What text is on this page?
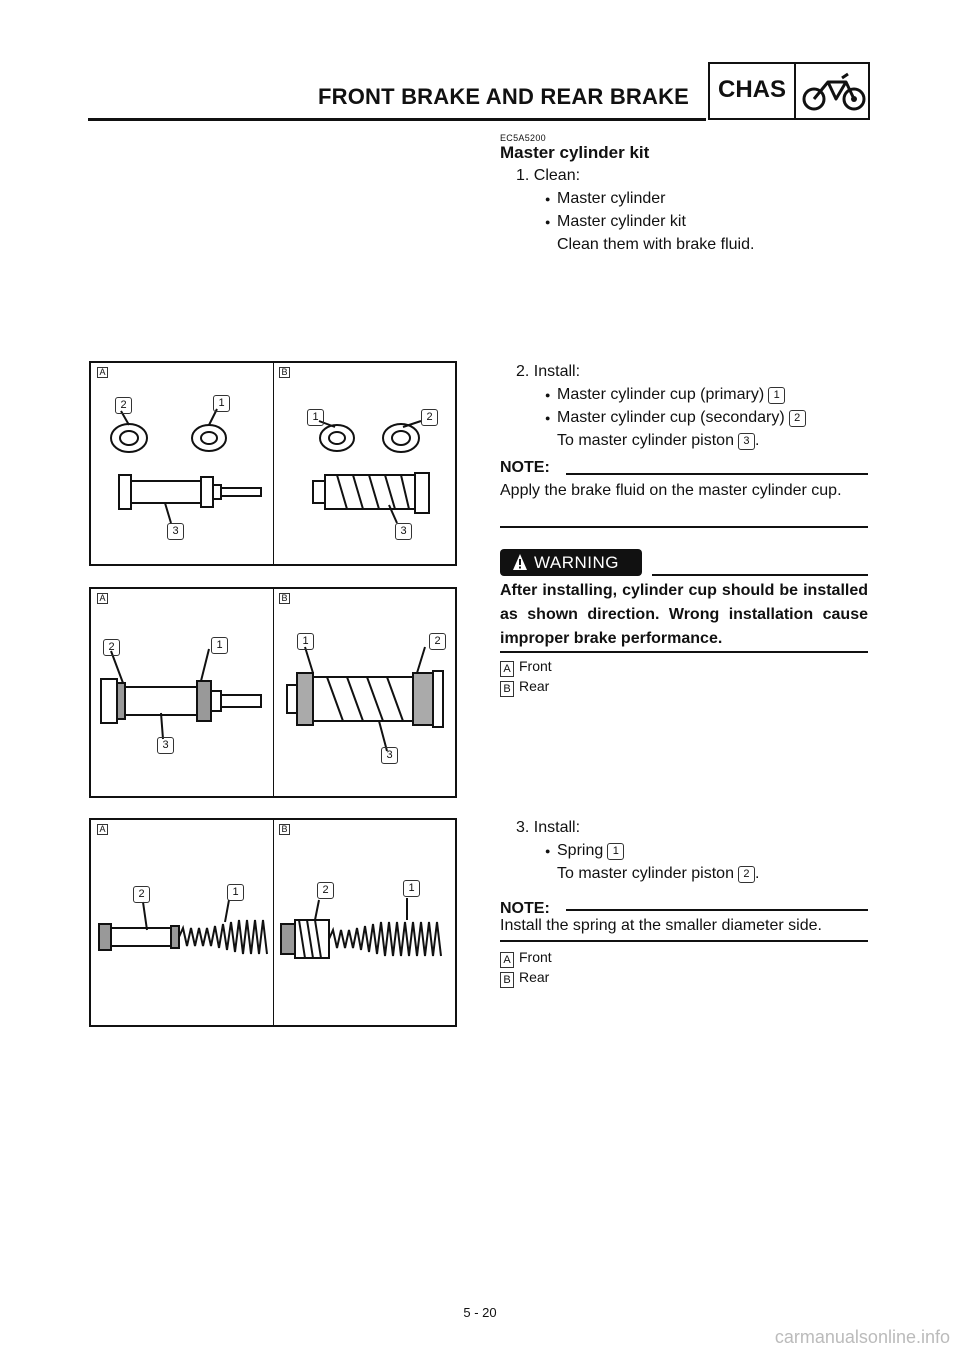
FRONT BRAKE AND REAR BRAKE CHAS
EC5A5200
Master cylinder kit
1. Clean:
● Master cylinder
● Master cylinder kit
Clean them with brake fluid.
2. Install:
● Master cylinder cup (primary) 1
● Master cylinder cup (secondary) 2
To master cylinder piston 3 .
NOTE:
Apply the brake fluid on the master cylinder cup.
WARNING
After installing, cylinder cup should be installed as shown direction. Wrong installation cause improper brake performance.
A Front
B Rear
3. Install:
● Spring 1
To master cylinder piston 2 .
NOTE:
Install the spring at the smaller diameter side.
A Front
B Rear
A	B
2	1
1	2
3	3
A	B
2	1	1	2
3
3
A	B
2	1	2	1
5 - 20
carmanualsonline.info
